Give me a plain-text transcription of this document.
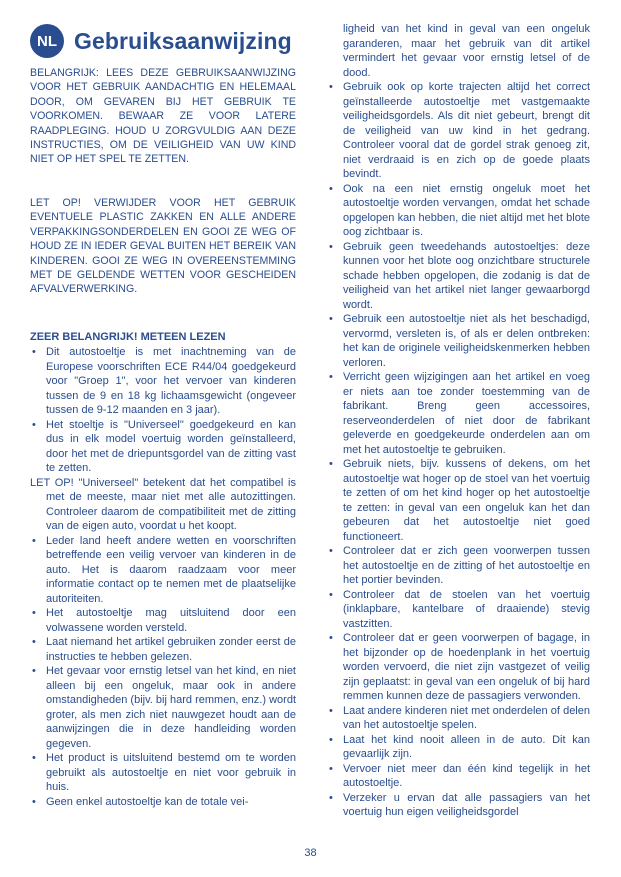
NL Gebruiksaanwijzing

BELANGRIJK: LEES DEZE GEBRUIKSAANWIJZING VOOR HET GEBRUIK AANDACHTIG EN HELEMAAL DOOR, OM GEVAREN BIJ HET GEBRUIK TE VOORKOMEN. BEWAAR ZE VOOR LATERE RAADPLEGING. HOUD U ZORGVULDIG AAN DEZE INSTRUCTIES, OM DE VEILIGHEID VAN UW KIND NIET OP HET SPEL TE ZETTEN.

LET OP! VERWIJDER VOOR HET GEBRUIK EVENTUELE PLASTIC ZAKKEN EN ALLE ANDERE VERPAKKINGSONDERDELEN EN GOOI ZE WEG OF HOUD ZE IN IEDER GEVAL BUITEN HET BEREIK VAN KINDEREN. GOOI ZE WEG IN OVEREENSTEMMING MET DE GELDENDE WETTEN VOOR GESCHEIDEN AFVALVERWERKING.

ZEER BELANGRIJK! METEEN LEZEN

• Dit autostoeltje is met inachtneming van de Europese voorschriften ECE R44/04 goedgekeurd voor "Groep 1", voor het vervoer van kinderen tussen de 9 en 18 kg lichaamsgewicht (ongeveer tussen de 9-12 maanden en 3 jaar).
• Het stoeltje is "Universeel" goedgekeurd en kan dus in elk model voertuig worden geïnstalleerd, door het met de driepuntsgordel van de zitting vast te zetten.
LET OP! "Universeel" betekent dat het compatibel is met de meeste, maar niet met alle autozittingen. Controleer daarom de compatibiliteit met de zitting van de eigen auto, voordat u het koopt.
• Leder land heeft andere wetten en voorschriften betreffende een veilig vervoer van kinderen in de auto. Het is daarom raadzaam voor meer informatie contact op te nemen met de plaatselijke autoriteiten.
• Het autostoeltje mag uitsluitend door een volwassene worden versteld.
• Laat niemand het artikel gebruiken zonder eerst de instructies te hebben gelezen.
• Het gevaar voor ernstig letsel van het kind, en niet alleen bij een ongeluk, maar ook in andere omstandigheden (bijv. bij hard remmen, enz.) wordt groter, als men zich niet nauwgezet houdt aan de aanwijzingen die in deze handleiding worden gegeven.
• Het product is uitsluitend bestemd om te worden gebruikt als autostoeltje en niet voor gebruik in huis.
• Geen enkel autostoeltje kan de totale vei-

ligheid van het kind in geval van een ongeluk garanderen, maar het gebruik van dit artikel vermindert het gevaar voor ernstig letsel of de dood.

• Gebruik ook op korte trajecten altijd het correct geïnstalleerde autostoeltje met vastgemaakte veiligheidsgordels. Als dit niet gebeurt, brengt dit de veiligheid van uw kind in het gedrang. Controleer vooral dat de gordel strak genoeg zit, niet verdraaid is en zich op de goede plaats bevindt.
• Ook na een niet ernstig ongeluk moet het autostoeltje worden vervangen, omdat het schade opgelopen kan hebben, die niet altijd met het blote oog zichtbaar is.
• Gebruik geen tweedehands autostoeltjes: deze kunnen voor het blote oog onzichtbare structurele schade hebben opgelopen, die zodanig is dat de veiligheid van het artikel niet langer gewaarborgd wordt.
• Gebruik een autostoeltje niet als het beschadigd, vervormd, versleten is, of als er delen ontbreken: het kan de originele veiligheidskenmerken hebben verloren.
• Verricht geen wijzigingen aan het artikel en voeg er niets aan toe zonder toestemming van de fabrikant. Breng geen accessoires, reserveonderdelen of niet door de fabrikant geleverde en goedgekeurde onderdelen aan om met het autostoeltje te gebruiken.
• Gebruik niets, bijv. kussens of dekens, om het autostoeltje wat hoger op de stoel van het voertuig te zetten of om het kind hoger op het autostoeltje te zetten: in geval van een ongeluk kan het dan gebeuren dat het autostoeltje niet goed functioneert.
• Controleer dat er zich geen voorwerpen tussen het autostoeltje en de zitting of het autostoeltje en het portier bevinden.
• Controleer dat de stoelen van het voertuig (inklapbare, kantelbare of draaiende) stevig vastzitten.
• Controleer dat er geen voorwerpen of bagage, in het bijzonder op de hoedenplank in het voertuig worden vervoerd, die niet zijn vastgezet of veilig zijn geplaatst: in geval van een ongeluk of bij hard remmen kunnen deze de passagiers verwonden.
• Laat andere kinderen niet met onderdelen of delen van het autostoeltje spelen.
• Laat het kind nooit alleen in de auto. Dit kan gevaarlijk zijn.
• Vervoer niet meer dan één kind tegelijk in het autostoeltje.
• Verzeker u ervan dat alle passagiers van het voertuig hun eigen veiligheidsgordel
38
